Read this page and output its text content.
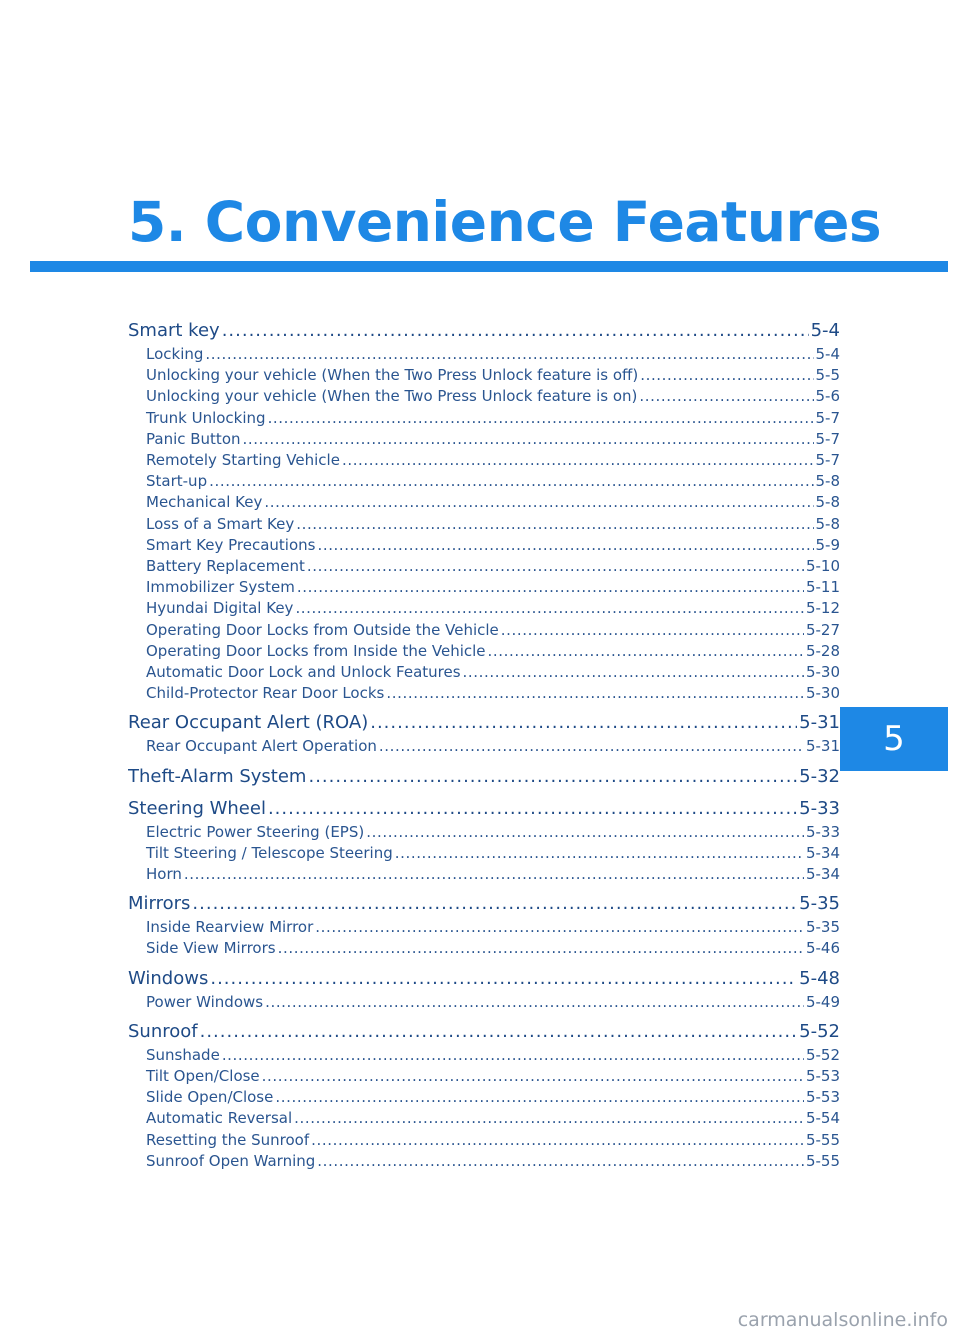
5. Convenience Features
5
Smart key .....	5-4
Locking .....	5-4
Unlocking your vehicle (When the Two Press Unlock feature is off) .....	5-5
Unlocking your vehicle (When the Two Press Unlock feature is on) .....	5-6
Trunk Unlocking .....	5-7
Panic Button .....	5-7
Remotely Starting Vehicle .....	5-7
Start-up .....	5-8
Mechanical Key .....	5-8
Loss of a Smart Key .....	5-8
Smart Key Precautions .....	5-9
Battery Replacement .....	5-10
Immobilizer System .....	5-11
Hyundai Digital Key .....	5-12
Operating Door Locks from Outside the Vehicle .....	5-27
Operating Door Locks from Inside the Vehicle .....	5-28
Automatic Door Lock and Unlock Features .....	5-30
Child-Protector Rear Door Locks .....	5-30
Rear Occupant Alert (ROA) .....	5-31
Rear Occupant Alert Operation .....	5-31
Theft-Alarm System .....	5-32
Steering Wheel .....	5-33
Electric Power Steering (EPS) .....	5-33
Tilt Steering / Telescope Steering .....	5-34
Horn .....	5-34
Mirrors .....	5-35
Inside Rearview Mirror .....	5-35
Side View Mirrors .....	5-46
Windows .....	5-48
Power Windows .....	5-49
Sunroof .....	5-52
Sunshade .....	5-52
Tilt Open/Close .....	5-53
Slide Open/Close .....	5-53
Automatic Reversal .....	5-54
Resetting the Sunroof .....	5-55
Sunroof Open Warning .....	5-55
carmanualsonline.info
